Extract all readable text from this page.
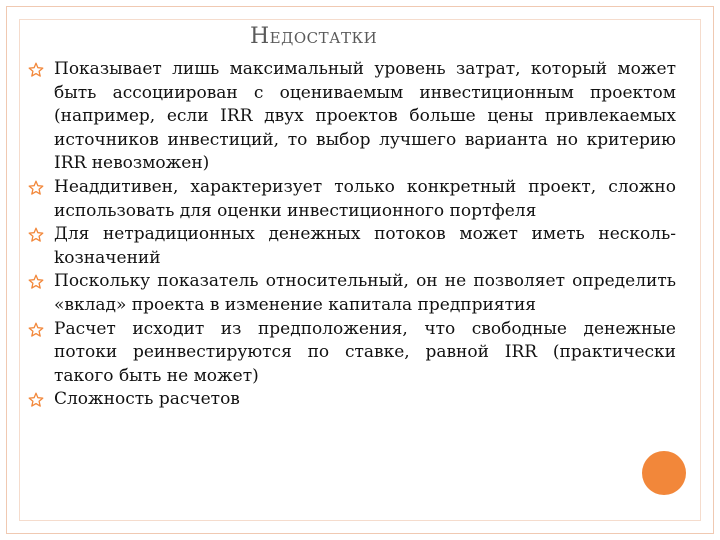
Недостатки
Показывает лишь максимальный уровень затрат, который может быть ассоциирован с оцениваемым инвестиционным проектом (например, если IRR двух проектов больше цены привлекаемых источников инвестиций, то выбор лучшего варианта но критерию IRR невозможен)
Неаддитивен, характеризует только конкретный проект, сложно использовать для оценки инвестиционного портфеля
Для нетрадиционных денежных потоков может иметь несколь-kозначений
Поскольку показатель относительный, он не позволяет определить «вклад» проекта в изменение капитала предприятия
Расчет исходит из предположения, что свободные денежные потоки реинвестируются по ставке, равной IRR (практически такого быть не может)
Сложность расчетов
